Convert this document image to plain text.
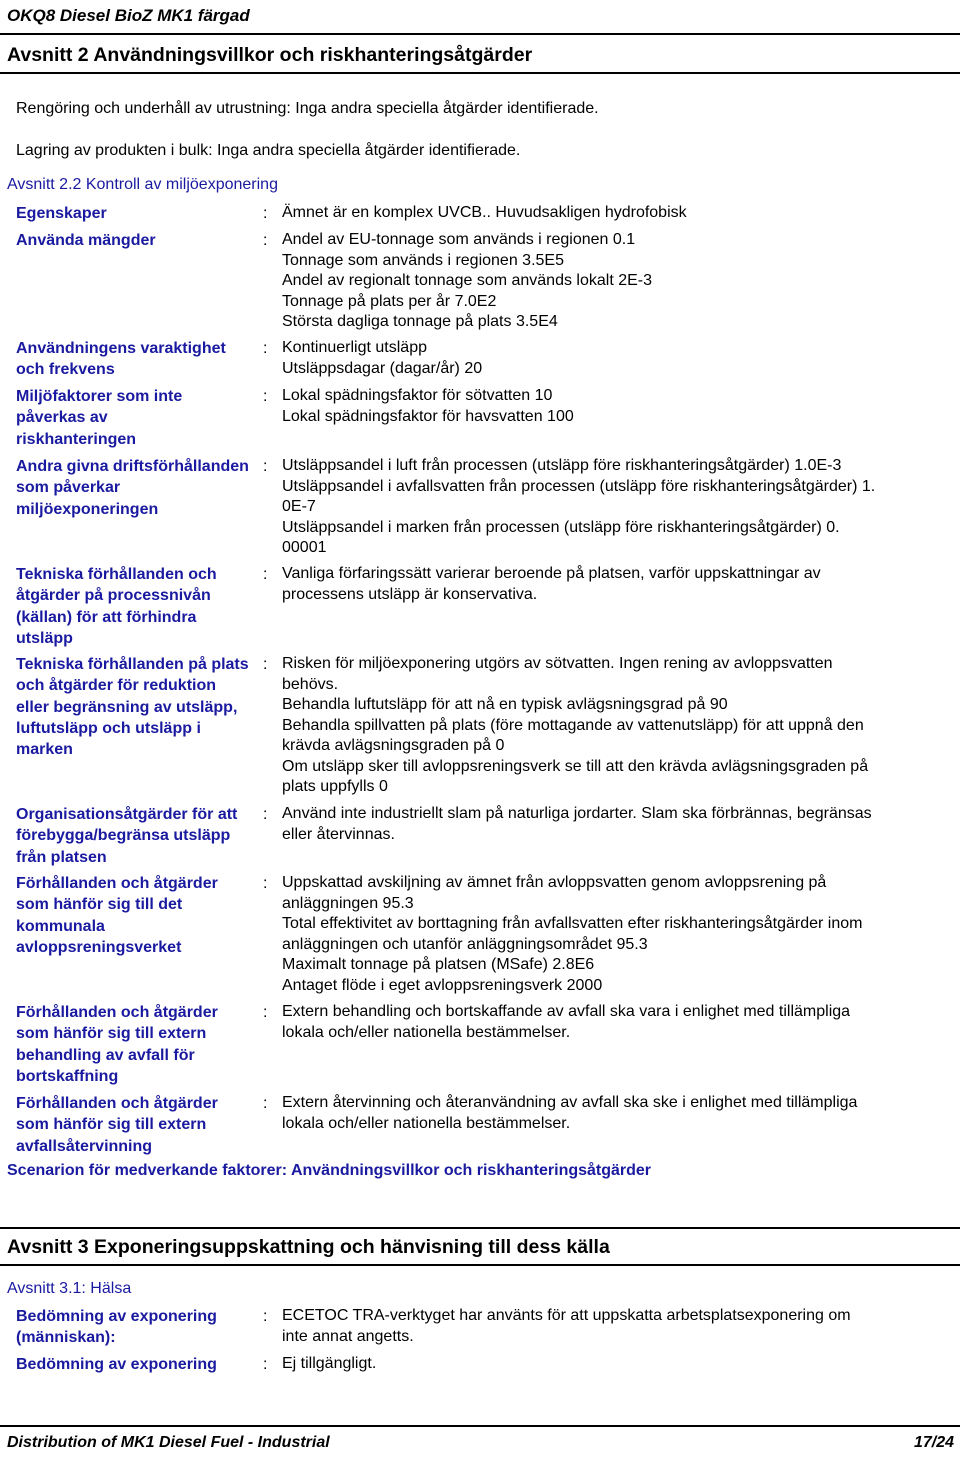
OKQ8 Diesel BioZ MK1 färgad
Avsnitt 2 Användningsvillkor och riskhanteringsåtgärder
Rengöring och underhåll av utrustning: Inga andra speciella åtgärder identifierade.
Lagring av produkten i bulk: Inga andra speciella åtgärder identifierade.
Avsnitt 2.2 Kontroll av miljöexponering
Egenskaper	: Ämnet är en komplex UVCB.. Huvudsakligen hydrofobisk
Använda mängder	: Andel av EU-tonnage som används i regionen 0.1
Tonnage som används i regionen 3.5E5
Andel av regionalt tonnage som används lokalt 2E-3
Tonnage på plats per år 7.0E2
Största dagliga tonnage på plats 3.5E4
Användningens varaktighet och frekvens
: Kontinuerligt utsläpp
Utsläppsdagar (dagar/år) 20
Miljöfaktorer som inte påverkas av riskhanteringen
: Lokal spädningsfaktor för sötvatten 10
Lokal spädningsfaktor för havsvatten 100
Andra givna driftsförhållanden som påverkar miljöexponeringen
: Utsläppsandel i luft från processen (utsläpp före riskhanteringsåtgärder) 1.0E-3
Utsläppsandel i avfallsvatten från processen (utsläpp före riskhanteringsåtgärder) 1.
0E-7
Utsläppsandel i marken från processen (utsläpp före riskhanteringsåtgärder) 0.
00001
Tekniska förhållanden och åtgärder på processnivån (källan) för att förhindra utsläpp
: Vanliga förfaringssätt varierar beroende på platsen, varför uppskattningar av
processens utsläpp är konservativa.
Tekniska förhållanden på plats och åtgärder för reduktion eller begränsning av utsläpp, luftutsläpp och utsläpp i marken
: Risken för miljöexponering utgörs av sötvatten. Ingen rening av avloppsvatten
behövs.
Behandla luftutsläpp för att nå en typisk avlägsningsgrad på 90
Behandla spillvatten på plats (före mottagande av vattenutsläpp) för att uppnå den
krävda avlägsningsgraden på 0
Om utsläpp sker till avloppsreningsverk se till att den krävda avlägsningsgraden på
plats uppfylls 0
Organisationsåtgärder för att förebygga/begränsa utsläpp från platsen
: Använd inte industriellt slam på naturliga jordarter. Slam ska förbrännas, begränsas
eller återvinnas.
Förhållanden och åtgärder som hänför sig till det kommunala avloppsreningsverket
: Uppskattad avskiljning av ämnet från avloppsvatten genom avloppsrening på
anläggningen 95.3
Total effektivitet av borttagning från avfallsvatten efter riskhanteringsåtgärder inom
anläggningen och utanför anläggningsområdet 95.3
Maximalt tonnage på platsen (MSafe) 2.8E6
Antaget flöde i eget avloppsreningsverk 2000
Förhållanden och åtgärder som hänför sig till extern behandling av avfall för bortskaffning
: Extern behandling och bortskaffande av avfall ska vara i enlighet med tillämpliga
lokala och/eller nationella bestämmelser.
Förhållanden och åtgärder som hänför sig till extern avfallsåtervinning
: Extern återvinning och återanvändning av avfall ska ske i enlighet med tillämpliga
lokala och/eller nationella bestämmelser.
Scenarion för medverkande faktorer: Användningsvillkor och riskhanteringsåtgärder
Avsnitt 3 Exponeringsuppskattning och hänvisning till dess källa
Avsnitt 3.1: Hälsa
Bedömning av exponering (människan):
: ECETOC TRA-verktyget har använts för att uppskatta arbetsplatsexponering om
inte annat angetts.
Bedömning av exponering	: Ej tillgängligt.
Distribution of MK1 Diesel Fuel - Industrial	17/24
